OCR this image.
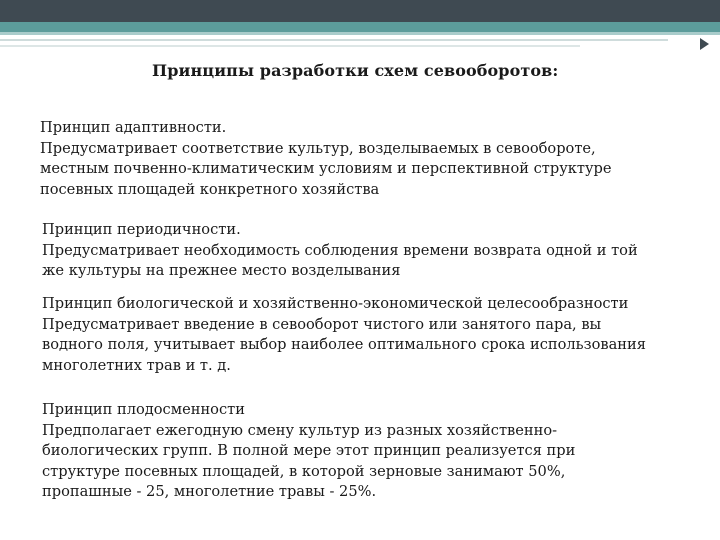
Принципы разработки схем севооборотов:
Принцип адаптивности.
Предусматривает соответствие культур, возделываемых в севообороте,
местным почвенно-климатическим условиям и перспективной структуре
посевных площадей конкретного хозяйства
Принцип периодичности.
Предусматривает необходимость соблюдения времени возврата одной и той
же культуры на прежнее место возделывания
Принцип биологической и хозяйственно-экономической целесообразности
Предусматривает введение в севооборот чистого или занятого пара, вы
водного поля, учитывает выбор наиболее оптимального срока использования
многолетних трав и т. д.
Принцип плодосменности
Предполагает ежегодную смену культур из разных хозяйственно-
биологических групп. В полной мере этот принцип реализуется при
структуре посевных площадей, в которой зерновые занимают 50%,
пропашные - 25, многолетние травы - 25%.
